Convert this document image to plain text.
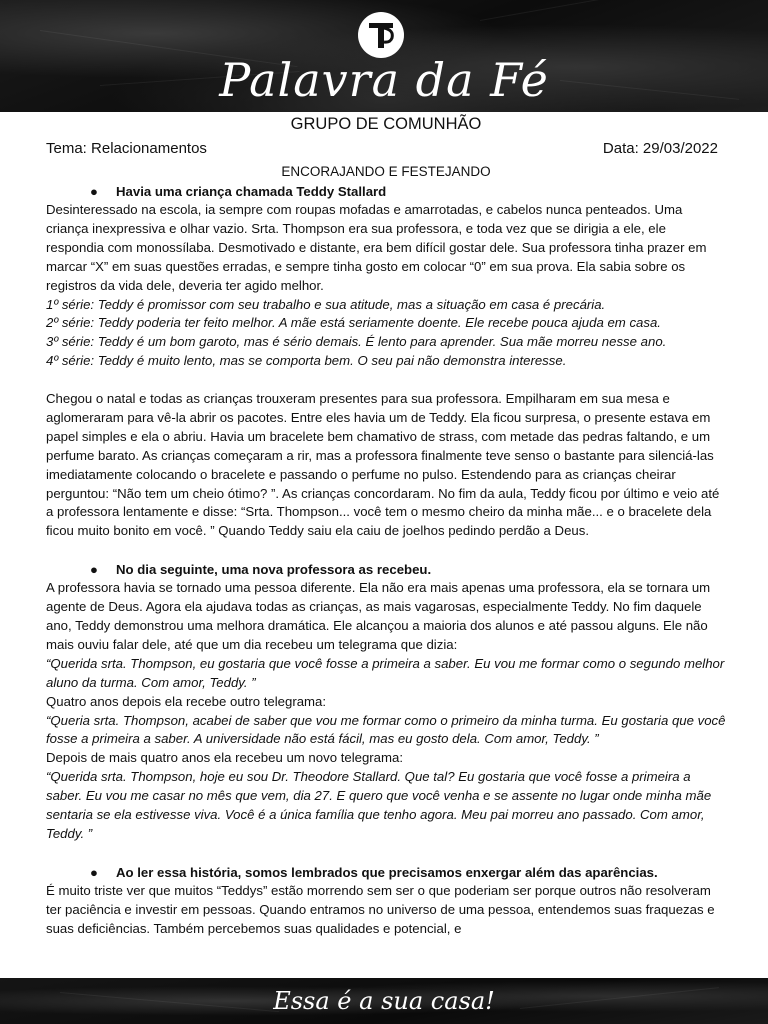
Palavra da Fé
GRUPO DE COMUNHÃO
Tema: Relacionamentos	Data: 29/03/2022
ENCORAJANDO E FESTEJANDO
● Havia uma criança chamada Teddy Stallard

Desinteressado na escola, ia sempre com roupas mofadas e amarrotadas, e cabelos nunca penteados. Uma criança inexpressiva e olhar vazio. Srta. Thompson era sua professora, e toda vez que se dirigia a ele, ele respondia com monossílaba. Desmotivado e distante, era bem difícil gostar dele. Sua professora tinha prazer em marcar “X” em suas questões erradas, e sempre tinha gosto em colocar “0” em sua prova. Ela sabia sobre os registros da vida dele, deveria ter agido melhor.

1º série: Teddy é promissor com seu trabalho e sua atitude, mas a situação em casa é precária.

2º série: Teddy poderia ter feito melhor. A mãe está seriamente doente. Ele recebe pouca ajuda em casa.

3º série: Teddy é um bom garoto, mas é sério demais. É lento para aprender. Sua mãe morreu nesse ano.

4º série: Teddy é muito lento, mas se comporta bem. O seu pai não demonstra interesse.

Chegou o natal e todas as crianças trouxeram presentes para sua professora. Empilharam em sua mesa e aglomeraram para vê-la abrir os pacotes. Entre eles havia um de Teddy. Ela ficou surpresa, o presente estava em papel simples e ela o abriu. Havia um bracelete bem chamativo de strass, com metade das pedras faltando, e um perfume barato. As crianças começaram a rir, mas a professora finalmente teve senso o bastante para silenciá-las imediatamente colocando o bracelete e passando o perfume no pulso. Estendendo para as crianças cheirar perguntou: “Não tem um cheio ótimo? ”. As crianças concordaram. No fim da aula, Teddy ficou por último e veio até a professora lentamente e disse: “Srta. Thompson... você tem o mesmo cheiro da minha mãe... e o bracelete dela ficou muito bonito em você. ” Quando Teddy saiu ela caiu de joelhos pedindo perdão a Deus.

● No dia seguinte, uma nova professora as recebeu.

A professora havia se tornado uma pessoa diferente. Ela não era mais apenas uma professora, ela se tornara um agente de Deus. Agora ela ajudava todas as crianças, as mais vagarosas, especialmente Teddy. No fim daquele ano, Teddy demonstrou uma melhora dramática. Ele alcançou a maioria dos alunos e até passou alguns. Ele não mais ouviu falar dele, até que um dia recebeu um telegrama que dizia:

“Querida srta. Thompson, eu gostaria que você fosse a primeira a saber. Eu vou me formar como o segundo melhor aluno da turma. Com amor, Teddy. ”

Quatro anos depois ela recebe outro telegrama:

“Queria srta. Thompson, acabei de saber que vou me formar como o primeiro da minha turma. Eu gostaria que você fosse a primeira a saber. A universidade não está fácil, mas eu gosto dela. Com amor, Teddy. ”

Depois de mais quatro anos ela recebeu um novo telegrama:

“Querida srta. Thompson, hoje eu sou Dr. Theodore Stallard. Que tal? Eu gostaria que você fosse a primeira a saber. Eu vou me casar no mês que vem, dia 27. E quero que você venha e se assente no lugar onde minha mãe sentaria se ela estivesse viva. Você é a única família que tenho agora. Meu pai morreu ano passado. Com amor, Teddy. ”

● Ao ler essa história, somos lembrados que precisamos enxergar além das aparências.

É muito triste ver que muitos “Teddys” estão morrendo sem ser o que poderiam ser porque outros não resolveram ter paciência e investir em pessoas. Quando entramos no universo de uma pessoa, entendemos suas fraquezas e suas deficiências. Também percebemos suas qualidades e potencial, e

Essa é a sua casa!
